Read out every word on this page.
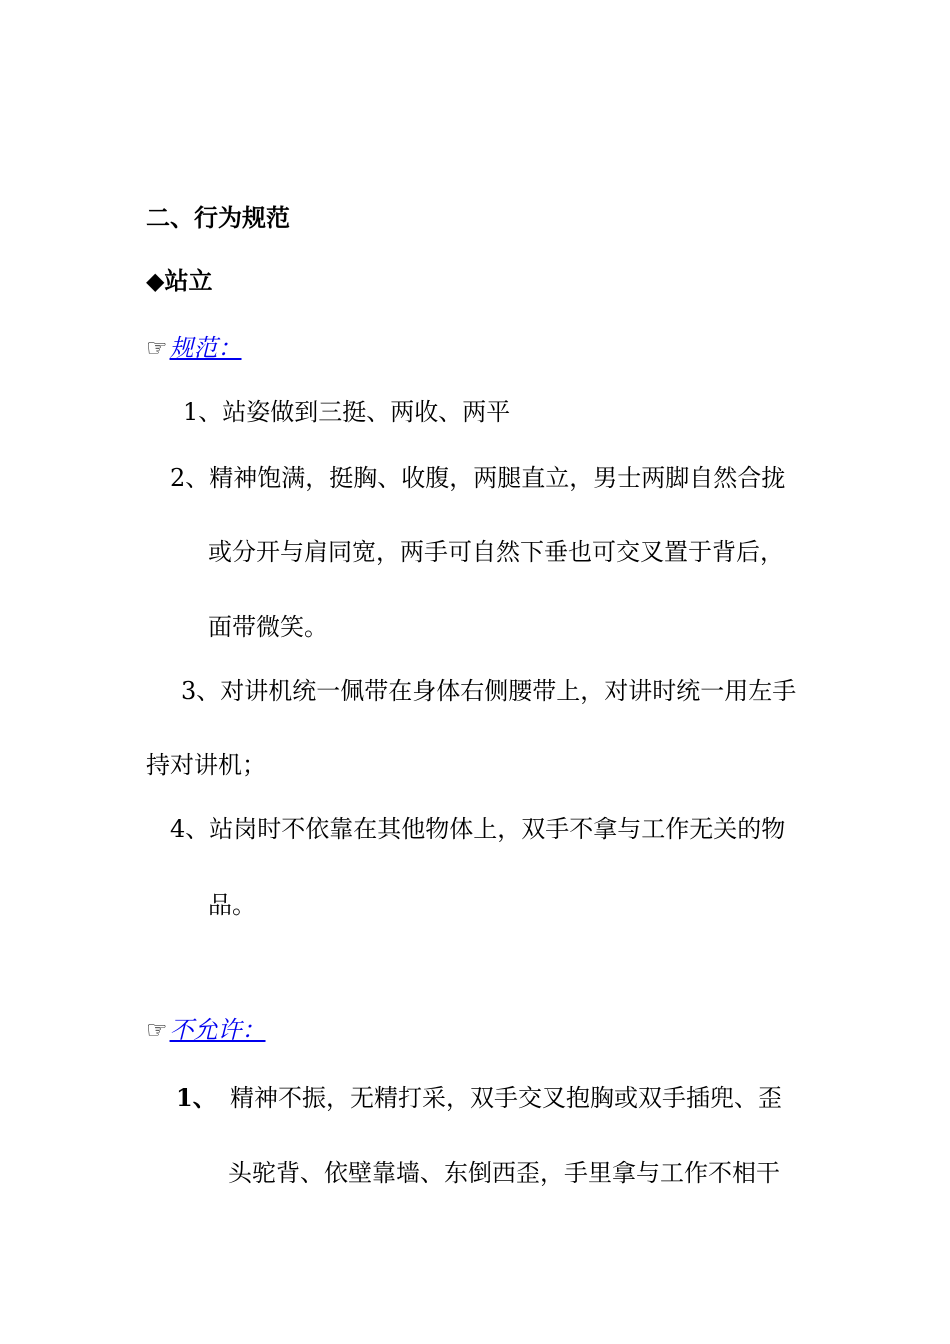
二、行为规范
◆站立
☞规范：
1、站姿做到三挺、两收、两平
2、精神饱满，挺胸、收腹，两腿直立，男士两脚自然合拢
或分开与肩同宽，两手可自然下垂也可交叉置于背后，
面带微笑。
3、对讲机统一佩带在身体右侧腰带上，对讲时统一用左手
持对讲机；
4、站岗时不依靠在其他物体上，双手不拿与工作无关的物
品。
☞不允许：
1、 精神不振，无精打采，双手交叉抱胸或双手插兜、歪
头驼背、依壁靠墙、东倒西歪，手里拿与工作不相干
